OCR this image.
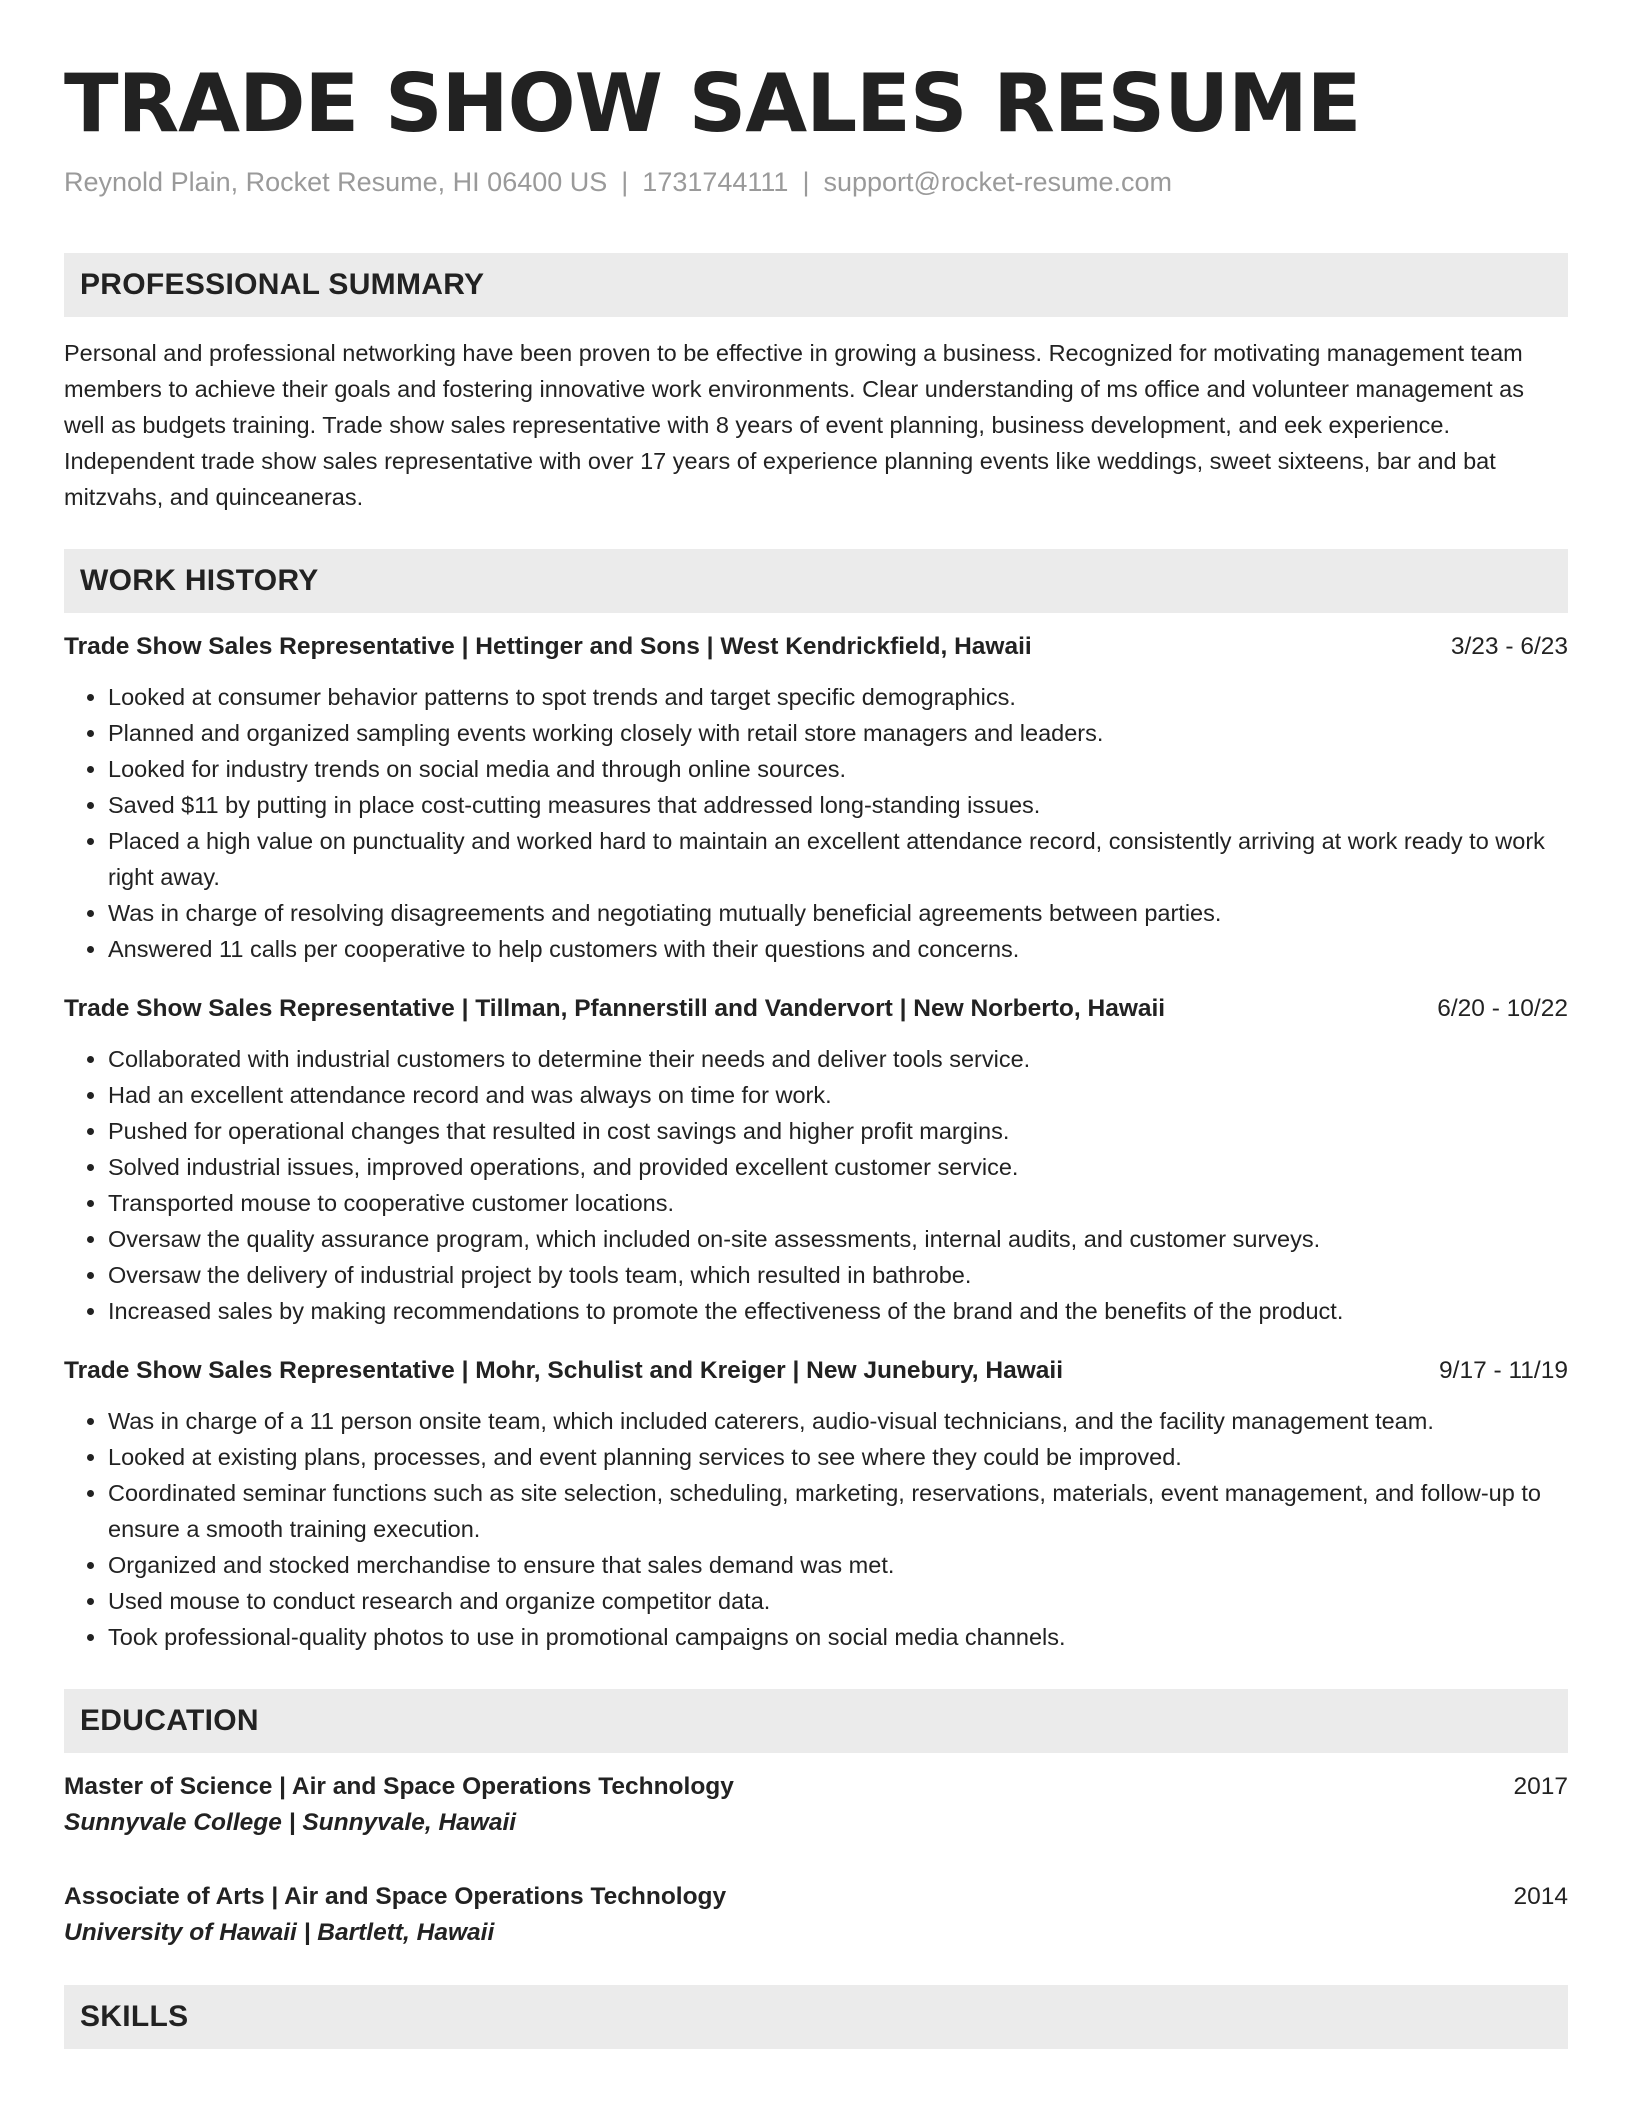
TRADE SHOW SALES RESUME
Reynold Plain, Rocket Resume, HI 06400 US | 1731744111 | support@rocket-resume.com
PROFESSIONAL SUMMARY

Personal and professional networking have been proven to be effective in growing a business. Recognized for motivating management team members to achieve their goals and fostering innovative work environments. Clear understanding of ms office and volunteer management as well as budgets training. Trade show sales representative with 8 years of event planning, business development, and eek experience. Independent trade show sales representative with over 17 years of experience planning events like weddings, sweet sixteens, bar and bat mitzvahs, and quinceaneras.

WORK HISTORY
Trade Show Sales Representative | Hettinger and Sons | West Kendrickfield, Hawaii	3/23 - 6/23
• Looked at consumer behavior patterns to spot trends and target specific demographics.
• Planned and organized sampling events working closely with retail store managers and leaders.
• Looked for industry trends on social media and through online sources.
• Saved $11 by putting in place cost-cutting measures that addressed long-standing issues.
• Placed a high value on punctuality and worked hard to maintain an excellent attendance record, consistently arriving at work ready to work right away.
• Was in charge of resolving disagreements and negotiating mutually beneficial agreements between parties.
• Answered 11 calls per cooperative to help customers with their questions and concerns.
Trade Show Sales Representative | Tillman, Pfannerstill and Vandervort | New Norberto, Hawaii	6/20 - 10/22
• Collaborated with industrial customers to determine their needs and deliver tools service.
• Had an excellent attendance record and was always on time for work.
• Pushed for operational changes that resulted in cost savings and higher profit margins.
• Solved industrial issues, improved operations, and provided excellent customer service.
• Transported mouse to cooperative customer locations.
• Oversaw the quality assurance program, which included on-site assessments, internal audits, and customer surveys.
• Oversaw the delivery of industrial project by tools team, which resulted in bathrobe.
• Increased sales by making recommendations to promote the effectiveness of the brand and the benefits of the product.
Trade Show Sales Representative | Mohr, Schulist and Kreiger | New Junebury, Hawaii	9/17 - 11/19
• Was in charge of a 11 person onsite team, which included caterers, audio-visual technicians, and the facility management team.
• Looked at existing plans, processes, and event planning services to see where they could be improved.
• Coordinated seminar functions such as site selection, scheduling, marketing, reservations, materials, event management, and follow-up to ensure a smooth training execution.
• Organized and stocked merchandise to ensure that sales demand was met.
• Used mouse to conduct research and organize competitor data.
• Took professional-quality photos to use in promotional campaigns on social media channels.
EDUCATION
Master of Science | Air and Space Operations Technology	2017
Sunnyvale College | Sunnyvale, Hawaii
Associate of Arts | Air and Space Operations Technology	2014
University of Hawaii | Bartlett, Hawaii
SKILLS
